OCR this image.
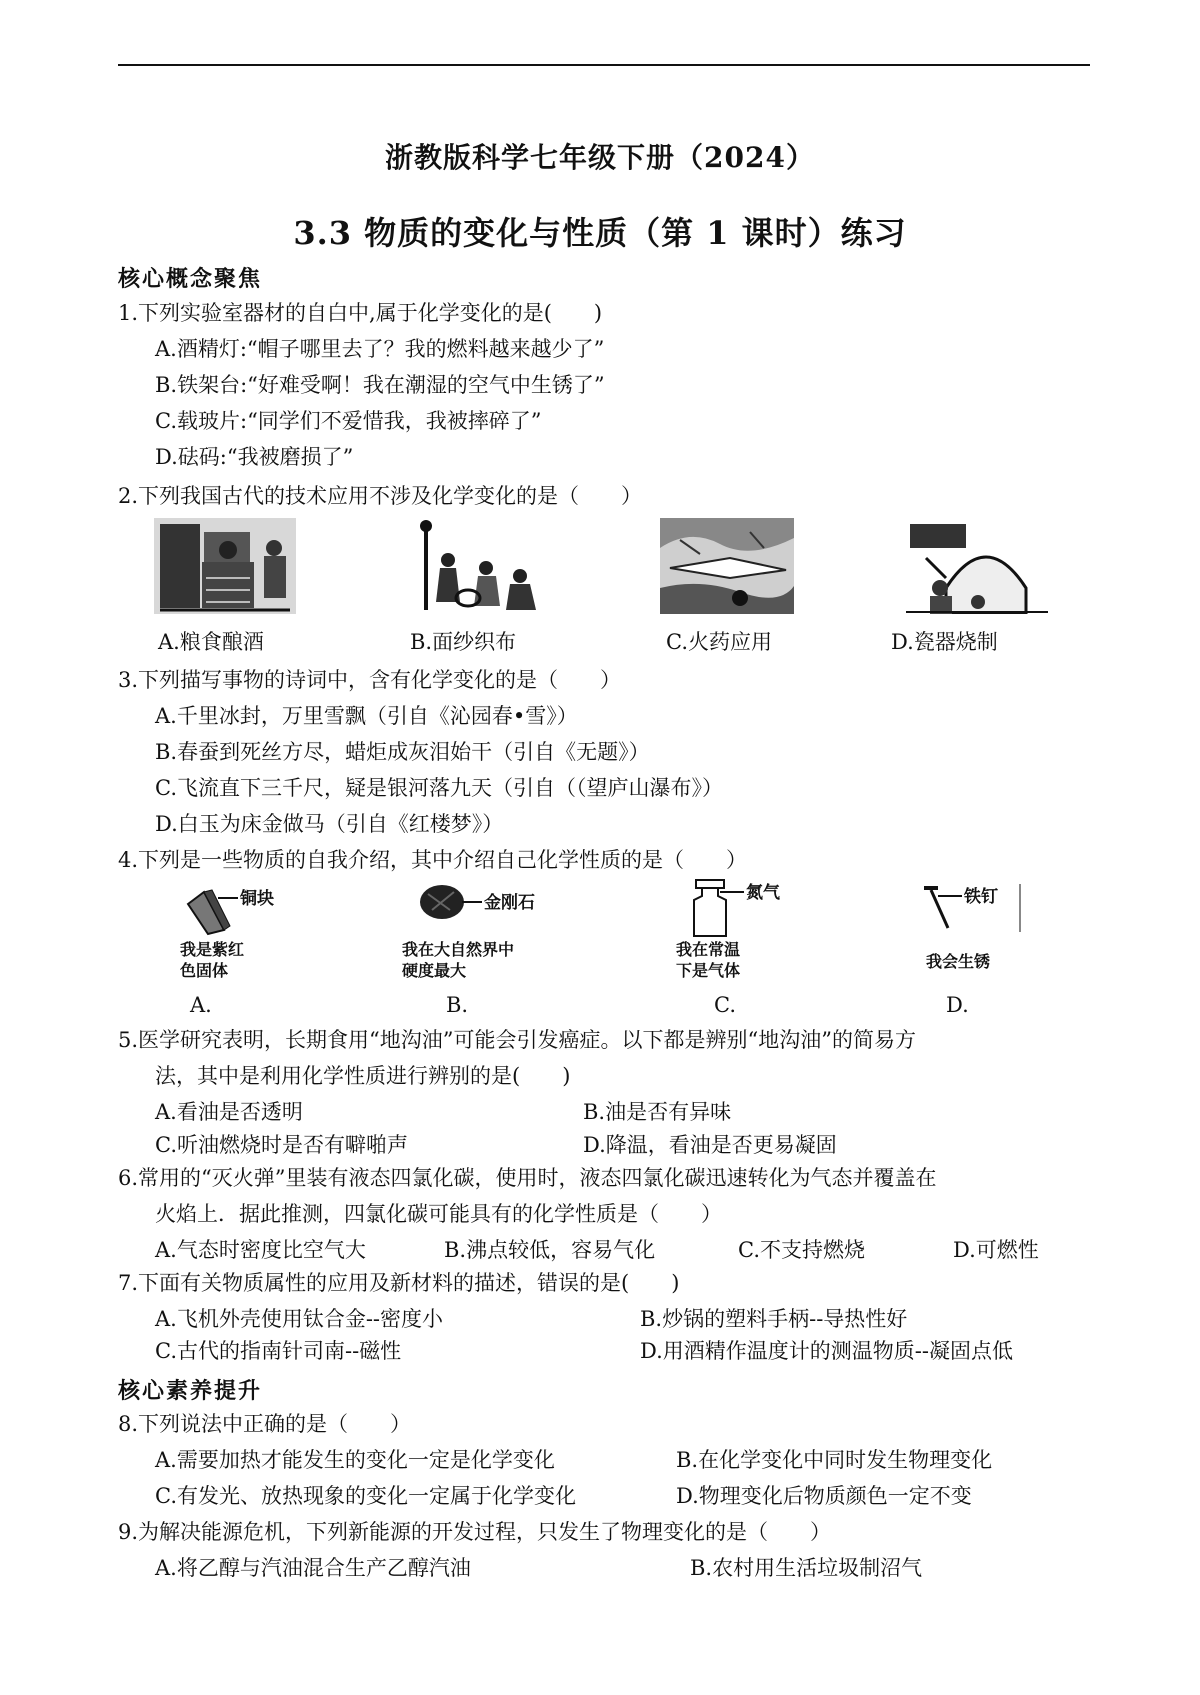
浙教版科学七年级下册（2024）
3.3 物质的变化与性质（第 1 课时）练习
核心概念聚焦
1.下列实验室器材的自白中,属于化学变化的是(　　)
A.酒精灯:“帽子哪里去了？我的燃料越来越少了”
B.铁架台:“好难受啊！我在潮湿的空气中生锈了”
C.载玻片:“同学们不爱惜我，我被摔碎了”
D.砝码:“我被磨损了”
2.下列我国古代的技术应用不涉及化学变化的是（　　）
A.粮食酿酒	B.面纱织布	C.火药应用	D.瓷器烧制
3.下列描写事物的诗词中，含有化学变化的是（　　）
A.千里冰封，万里雪飘（引自《沁园春•雪》）
B.春蚕到死丝方尽，蜡炬成灰泪始干（引自《无题》）
C.飞流直下三千尺，疑是银河落九天（引自（（望庐山瀑布》）
D.白玉为床金做马（引自《红楼梦》）
4.下列是一些物质的自我介绍，其中介绍自己化学性质的是（　　）
铜块
我是紫红
色固体
A.
金刚石
我在大自然界中
硬度最大
B.
氮气
我在常温
下是气体
C.
铁钉
我会生锈
D.
5.医学研究表明，长期食用“地沟油”可能会引发癌症。以下都是辨别“地沟油”的简易方
法，其中是利用化学性质进行辨别的是(　　)
A.看油是否透明	B.油是否有异味
C.听油燃烧时是否有噼啪声	D.降温，看油是否更易凝固
6.常用的“灭火弹”里装有液态四氯化碳，使用时，液态四氯化碳迅速转化为气态并覆盖在
火焰上．据此推测，四氯化碳可能具有的化学性质是（　　）
A.气态时密度比空气大	B.沸点较低，容易气化	C.不支持燃烧	D.可燃性
7.下面有关物质属性的应用及新材料的描述，错误的是(　　)
A.飞机外壳使用钛合金--密度小	B.炒锅的塑料手柄--导热性好
C.古代的指南针司南--磁性	D.用酒精作温度计的测温物质--凝固点低
核心素养提升
8.下列说法中正确的是（　　）
A.需要加热才能发生的变化一定是化学变化	B.在化学变化中同时发生物理变化
C.有发光、放热现象的变化一定属于化学变化	D.物理变化后物质颜色一定不变
9.为解决能源危机，下列新能源的开发过程，只发生了物理变化的是（　　）
A.将乙醇与汽油混合生产乙醇汽油	B.农村用生活垃圾制沼气
